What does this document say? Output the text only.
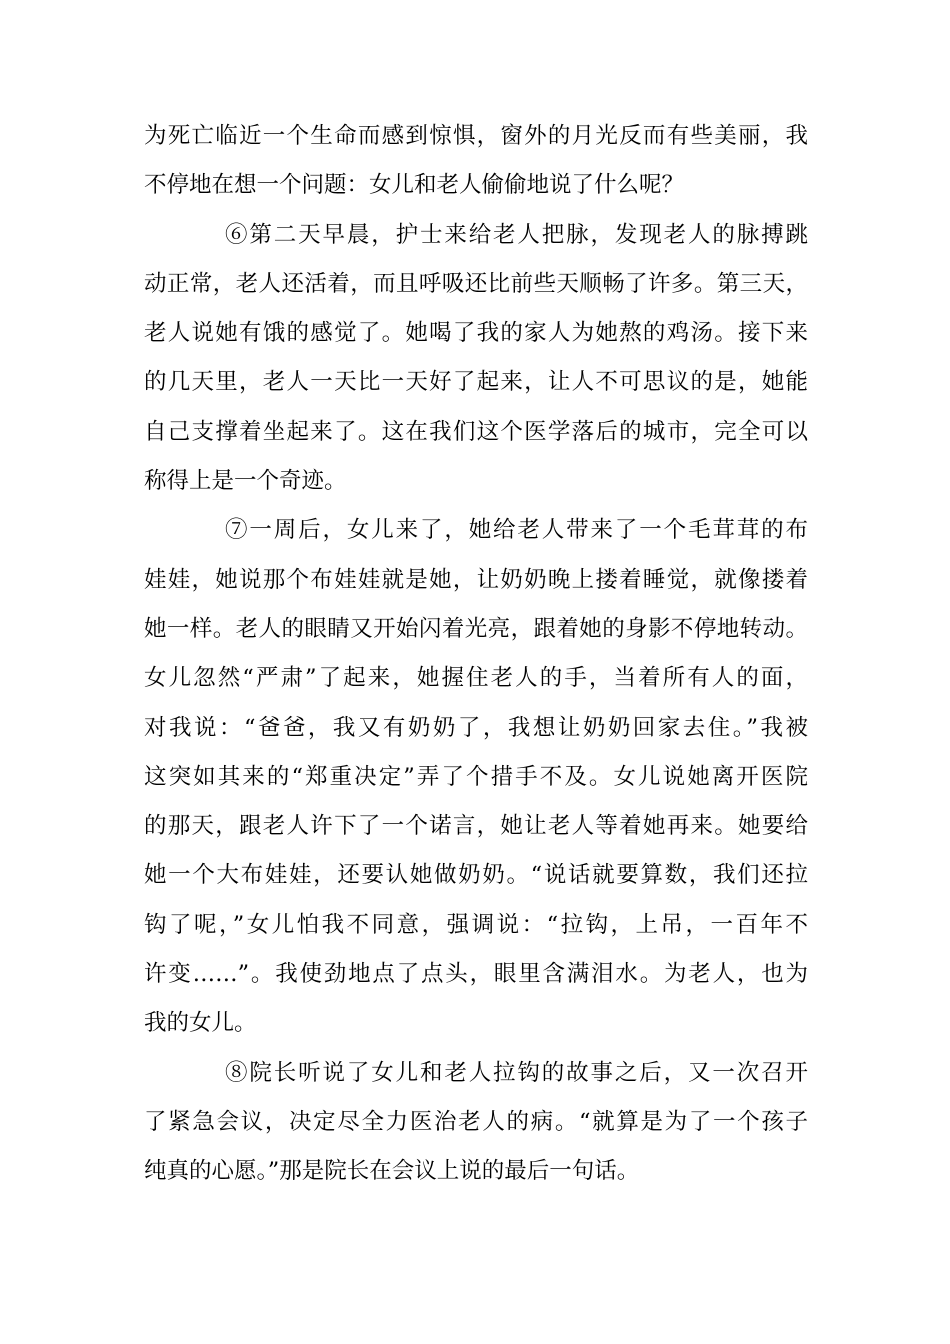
为死亡临近一个生命而感到惊惧，窗外的月光反而有些美丽，我
不停地在想一个问题：女儿和老人偷偷地说了什么呢？
⑥第二天早晨，护士来给老人把脉，发现老人的脉搏跳
动正常，老人还活着，而且呼吸还比前些天顺畅了许多。第三天，
老人说她有饿的感觉了。她喝了我的家人为她熬的鸡汤。接下来
的几天里，老人一天比一天好了起来，让人不可思议的是，她能
自己支撑着坐起来了。这在我们这个医学落后的城市，完全可以
称得上是一个奇迹。
⑦一周后，女儿来了，她给老人带来了一个毛茸茸的布
娃娃，她说那个布娃娃就是她，让奶奶晚上搂着睡觉，就像搂着
她一样。老人的眼睛又开始闪着光亮，跟着她的身影不停地转动。
女儿忽然“严肃”了起来，她握住老人的手，当着所有人的面，
对我说：“爸爸，我又有奶奶了，我想让奶奶回家去住。”我被
这突如其来的“郑重决定”弄了个措手不及。女儿说她离开医院
的那天，跟老人许下了一个诺言，她让老人等着她再来。她要给
她一个大布娃娃，还要认她做奶奶。“说话就要算数，我们还拉
钩了呢，”女儿怕我不同意，强调说：“拉钩，上吊，一百年不
许变……”。我使劲地点了点头，眼里含满泪水。为老人，也为
我的女儿。
⑧院长听说了女儿和老人拉钩的故事之后，又一次召开
了紧急会议，决定尽全力医治老人的病。“就算是为了一个孩子
纯真的心愿。”那是院长在会议上说的最后一句话。
